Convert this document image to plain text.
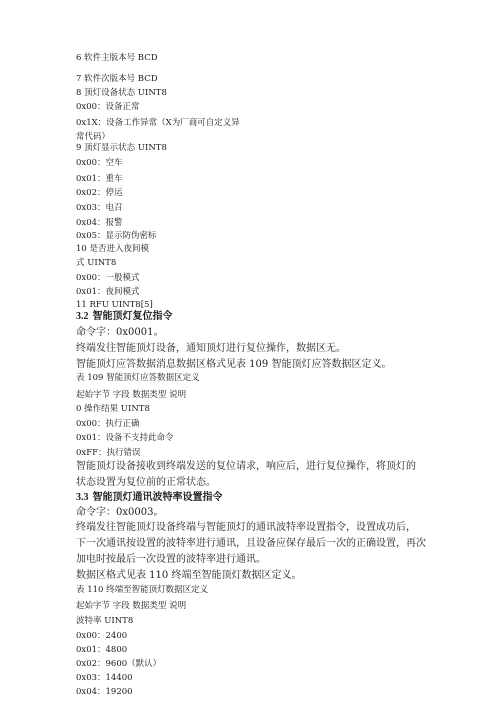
6 软件主版本号 BCD
7 软件次版本号 BCD
8 顶灯设备状态 UINT8
0x00：设备正常
0x1X：设备工作异常（X为厂商可自定义异
常代码）
9 顶灯显示状态 UINT8
0x00：空车
0x01：重车
0x02：停运
0x03：电召
0x04：报警
0x05：显示防伪密标
10 是否进入夜间模
式 UINT8
0x00：一般模式
0x01：夜间模式
11 RFU UINT8[5]
3.2 智能顶灯复位指令
命令字：0x0001。
终端发往智能顶灯设备，通知顶灯进行复位操作，数据区无。
智能顶灯应答数据消息数据区格式见表 109 智能顶灯应答数据区定义。
表 109 智能顶灯应答数据区定义
起始字节 字段 数据类型 说明
0 操作结果 UINT8
0x00：执行正确
0x01：设备不支持此命令
0xFF：执行错误
智能顶灯设备接收到终端发送的复位请求，响应后，进行复位操作，将顶灯的
状态设置为复位前的正常状态。
3.3 智能顶灯通讯波特率设置指令
命令字：0x0003。
终端发往智能顶灯设备终端与智能顶灯的通讯波特率设置指令，设置成功后，
下一次通讯按设置的波特率进行通讯，且设备应保存最后一次的正确设置，再次
加电时按最后一次设置的波特率进行通讯。
数据区格式见表 110 终端至智能顶灯数据区定义。
表 110 终端至智能顶灯数据区定义
起始字节 字段 数据类型 说明
波特率 UINT8
0x00：2400
0x01：4800
0x02：9600（默认）
0x03：14400
0x04：19200
